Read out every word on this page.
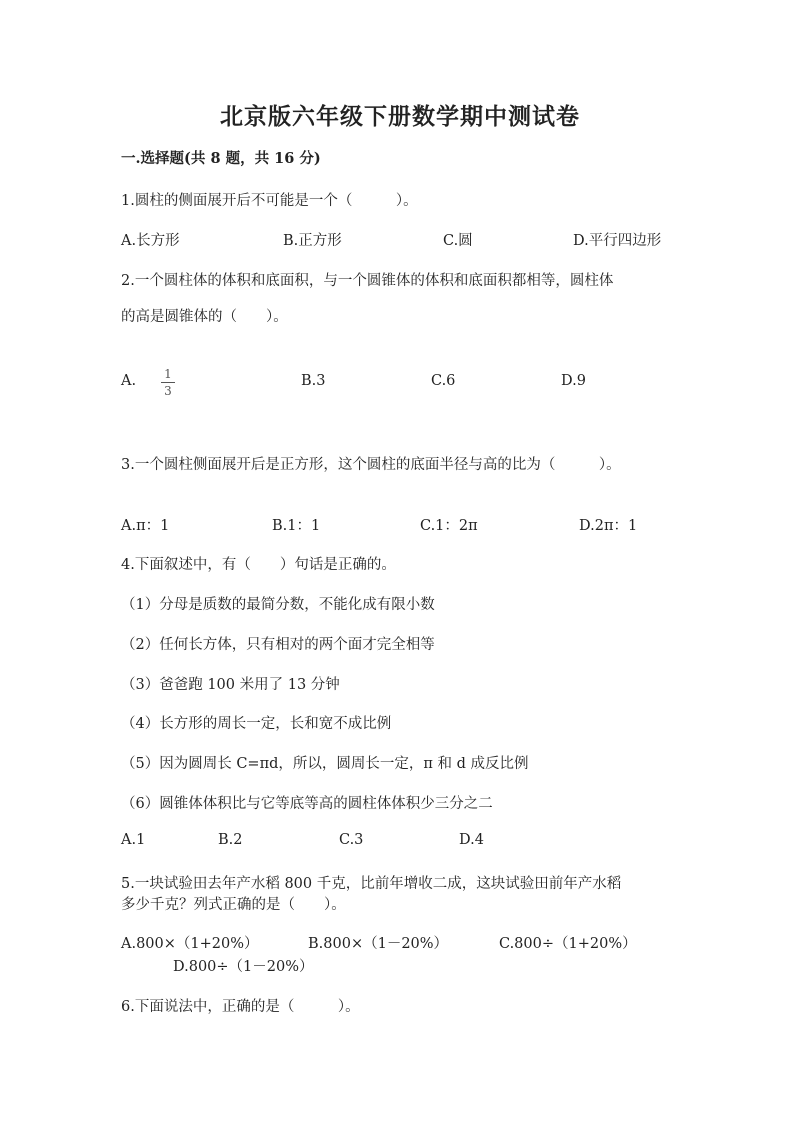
北京版六年级下册数学期中测试卷
一.选择题(共 8 题，共 16 分)
1.圆柱的侧面展开后不可能是一个（　　　）。
A.长方形	B.正方形	C.圆	D.平行四边形
2.一个圆柱体的体积和底面积，与一个圆锥体的体积和底面积都相等，圆柱体
的高是圆锥体的（　　）。
A. 1
3
B.3	C.6	D.9
3.一个圆柱侧面展开后是正方形，这个圆柱的底面半径与高的比为（　　　）。
A.π：1	B.1：1	C.1：2π	D.2π：1
4.下面叙述中，有（　　）句话是正确的。
（1）分母是质数的最简分数，不能化成有限小数
（2）任何长方体，只有相对的两个面才完全相等
（3）爸爸跑 100 米用了 13 分钟
（4）长方形的周长一定，长和宽不成比例
（5）因为圆周长 C=πd，所以，圆周长一定，π 和 d 成反比例
（6）圆锥体体积比与它等底等高的圆柱体体积少三分之二
A.1	B.2	C.3	D.4
5.一块试验田去年产水稻 800 千克，比前年增收二成，这块试验田前年产水稻
多少千克？列式正确的是（　　）。
A.800×（1+20%）	B.800×（1－20%）	C.800÷（1+20%）
D.800÷（1－20%）
6.下面说法中，正确的是（　　　）。
